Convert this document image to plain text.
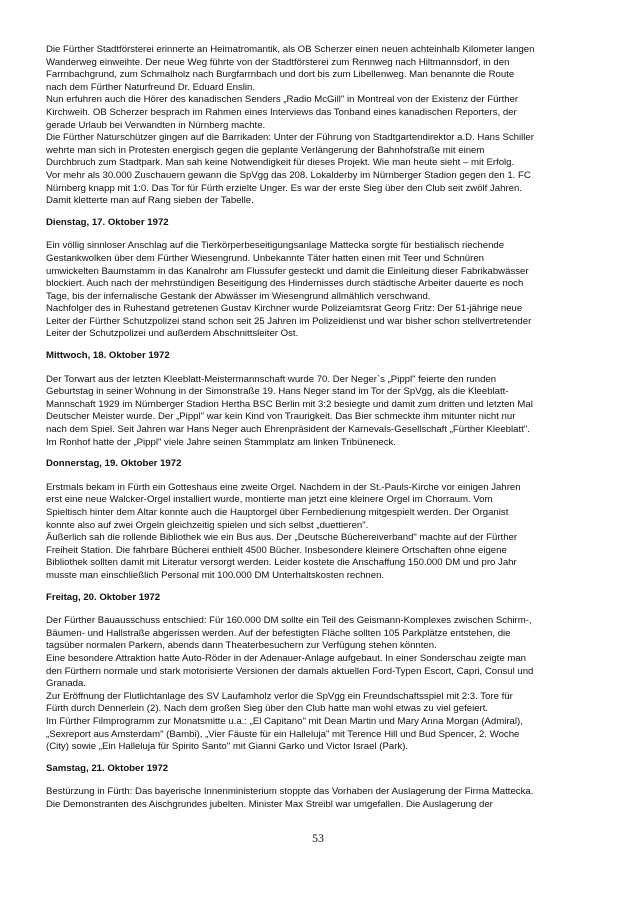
Die Fürther Stadtförsterei erinnerte an Heimatromantik, als OB Scherzer einen neuen achteinhalb Kilometer langen
Wanderweg einweihte. Der neue Weg führte von der Stadtförsterei zum Rennweg nach Hiltmannsdorf, in den
Farrnbachgrund, zum Schmalholz nach Burgfarrnbach und dort bis zum Libellenweg. Man benannte die Route
nach dem Fürther Naturfreund Dr. Eduard Enslin.
Nun erfuhren auch die Hörer des kanadischen Senders „Radio McGill" in Montreal von der Existenz der Fürther
Kirchweih. OB Scherzer besprach im Rahmen eines Interviews das Tonband eines kanadischen Reporters, der
gerade Urlaub bei Verwandten in Nürnberg machte.
Die Fürther Naturschützer gingen auf die Barrikaden: Unter der Führung von Stadtgartendirektor a.D. Hans Schiller
wehrte man sich in Protesten energisch gegen die geplante Verlängerung der Bahnhofstraße mit einem
Durchbruch zum Stadtpark. Man sah keine Notwendigkeit für dieses Projekt. Wie man heute sieht – mit Erfolg.
Vor mehr als 30.000 Zuschauern gewann die SpVgg das 208. Lokalderby im Nürnberger Stadion gegen den 1. FC
Nürnberg knapp mit 1:0. Das Tor für Fürth erzielte Unger. Es war der erste Sieg über den Club seit zwölf Jahren.
Damit kletterte man auf Rang sieben der Tabelle.
Dienstag, 17. Oktober 1972
Ein völlig sinnloser Anschlag auf die Tierkörperbeseitigungsanlage Mattecka sorgte für bestialisch riechende
Gestankwolken über dem Fürther Wiesengrund. Unbekannte Täter hatten einen mit Teer und Schnüren
umwickelten Baumstamm in das Kanalrohr am Flussufer gesteckt und damit die Einleitung dieser Fabrikabwässer
blockiert. Auch nach der mehrstündigen Beseitigung des Hindernisses durch städtische Arbeiter dauerte es noch
Tage, bis der infernalische Gestank der Abwässer im Wiesengrund allmählich verschwand.
Nachfolger des in Ruhestand getretenen Gustav Kirchner wurde Polizeiamtsrat Georg Fritz: Der 51-jährige neue
Leiter der Fürther Schutzpolizei stand schon seit 25 Jahren im Polizeidienst und war bisher schon stellvertretender
Leiter der Schutzpolizei und außerdem Abschnittsleiter Ost.
Mittwoch, 18. Oktober 1972
Der Torwart aus der letzten Kleeblatt-Meistermannschaft wurde 70. Der Neger`s „Pippl" feierte den runden
Geburtstag in seiner Wohnung in der Simonstraße 19. Hans Neger stand im Tor der SpVgg, als die Kleeblatt-
Mannschaft 1929 im Nürnberger Stadion Hertha BSC Berlin mit 3:2 besiegte und damit zum dritten und letzten Mal
Deutscher Meister wurde. Der „Pippl" war kein Kind von Traurigkeit. Das Bier schmeckte ihm mitunter nicht nur
nach dem Spiel. Seit Jahren war Hans Neger auch Ehrenpräsident der Karnevals-Gesellschaft „Fürther Kleeblatt".
Im Ronhof hatte der „Pippl" viele Jahre seinen Stammplatz am linken Tribüneneck.
Donnerstag, 19. Oktober 1972
Erstmals bekam in Fürth ein Gotteshaus eine zweite Orgel. Nachdem in der St.-Pauls-Kirche vor einigen Jahren
erst eine neue Walcker-Orgel installiert wurde, montierte man jetzt eine kleinere Orgel im Chorraum. Vom
Spieltisch hinter dem Altar konnte auch die Hauptorgel über Fernbedienung mitgespielt werden. Der Organist
konnte also auf zwei Orgeln gleichzeitig spielen und sich selbst „duettieren".
Äußerlich sah die rollende Bibliothek wie ein Bus aus. Der „Deutsche Büchereiverband" machte auf der Fürther
Freiheit Station. Die fahrbare Bücherei enthielt 4500 Bücher. Insbesondere kleinere Ortschaften ohne eigene
Bibliothek sollten damit mit Literatur versorgt werden. Leider kostete die Anschaffung 150.000 DM und pro Jahr
musste man einschließlich Personal mit 100.000 DM Unterhaltskosten rechnen.
Freitag, 20. Oktober 1972
Der Fürther Bauausschuss entschied: Für 160.000 DM sollte ein Teil des Geismann-Komplexes zwischen Schirm-,
Bäumen- und Hallstraße abgerissen werden. Auf der befestigten Fläche sollten 105 Parkplätze entstehen, die
tagsüber normalen Parkern, abends dann Theaterbesuchern zur Verfügung stehen könnten.
Eine besondere Attraktion hatte Auto-Röder in der Adenauer-Anlage aufgebaut. In einer Sonderschau zeigte man
den Fürthern normale und stark motorisierte Versionen der damals aktuellen Ford-Typen Escort, Capri, Consul und
Granada.
Zur Eröffnung der Flutlichtanlage des SV Laufamholz verlor die SpVgg ein Freundschaftsspiel mit 2:3. Tore für
Fürth durch Dennerlein (2). Nach dem großen Sieg über den Club hatte man wohl etwas zu viel gefeiert.
Im Fürther Filmprogramm zur Monatsmitte u.a.: „El Capitano" mit Dean Martin und Mary Anna Morgan (Admiral),
„Sexreport aus Amsterdam" (Bambi), „Vier Fäuste für ein Halleluja" mit Terence Hill und Bud Spencer, 2. Woche
(City) sowie „Ein Halleluja für Spirito Santo" mit Gianni Garko und Victor Israel (Park).
Samstag, 21. Oktober 1972
Bestürzung in Fürth: Das bayerische Innenministerium stoppte das Vorhaben der Auslagerung der Firma Mattecka.
Die Demonstranten des Aischgrundes jubelten. Minister Max Streibl war umgefallen. Die Auslagerung der
53
